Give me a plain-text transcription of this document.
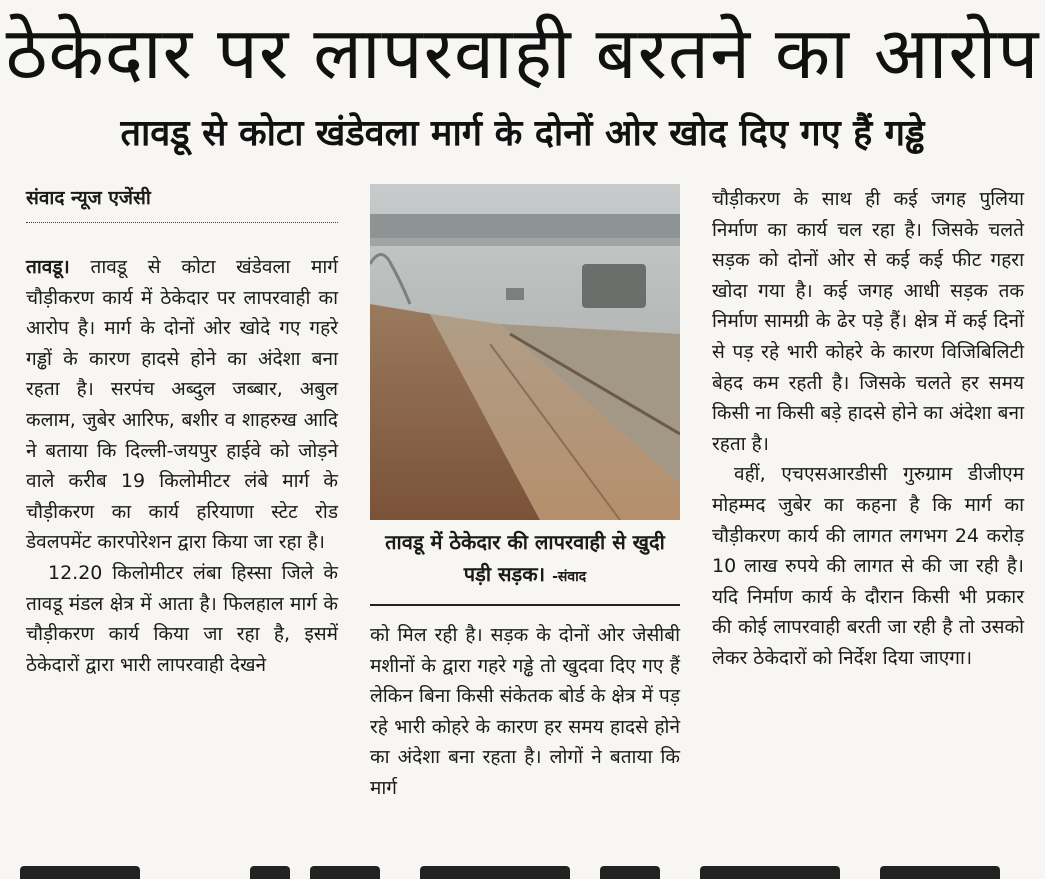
ठेकेदार पर लापरवाही बरतने का आरोप
तावडू से कोटा खंडेवला मार्ग के दोनों ओर खोद दिए गए हैं गड्ढे
संवाद न्यूज एजेंसी

तावडू। तावडू से कोटा खंडेवला मार्ग चौड़ीकरण कार्य में ठेकेदार पर लापरवाही का आरोप है। मार्ग के दोनों ओर खोदे गए गहरे गड्ढों के कारण हादसे होने का अंदेशा बना रहता है। सरपंच अब्दुल जब्बार, अबुल कलाम, जुबेर आरिफ, बशीर व शाहरुख आदि ने बताया कि दिल्ली-जयपुर हाईवे को जोड़ने वाले करीब 19 किलोमीटर लंबे मार्ग के चौड़ीकरण का कार्य हरियाणा स्टेट रोड डेवलपमेंट कारपोरेशन द्वारा किया जा रहा है।

12.20 किलोमीटर लंबा हिस्सा जिले के तावडू मंडल क्षेत्र में आता है। फिलहाल मार्ग के चौड़ीकरण कार्य किया जा रहा है, इसमें ठेकेदारों द्वारा भारी लापरवाही देखने

तावडू में ठेकेदार की लापरवाही से खुदी पड़ी सड़क। -संवाद

को मिल रही है। सड़क के दोनों ओर जेसीबी मशीनों के द्वारा गहरे गड्ढे तो खुदवा दिए गए हैं लेकिन बिना किसी संकेतक बोर्ड के क्षेत्र में पड़ रहे भारी कोहरे के कारण हर समय हादसे होने का अंदेशा बना रहता है। लोगों ने बताया कि मार्ग

चौड़ीकरण के साथ ही कई जगह पुलिया निर्माण का कार्य चल रहा है। जिसके चलते सड़क को दोनों ओर से कई कई फीट गहरा खोदा गया है। कई जगह आधी सड़क तक निर्माण सामग्री के ढेर पड़े हैं। क्षेत्र में कई दिनों से पड़ रहे भारी कोहरे के कारण विजिबिलिटी बेहद कम रहती है। जिसके चलते हर समय किसी ना किसी बड़े हादसे होने का अंदेशा बना रहता है।

वहीं, एचएसआरडीसी गुरुग्राम डीजीएम मोहम्मद जुबेर का कहना है कि मार्ग का चौड़ीकरण कार्य की लागत लगभग 24 करोड़ 10 लाख रुपये की लागत से की जा रही है। यदि निर्माण कार्य के दौरान किसी भी प्रकार की कोई लापरवाही बरती जा रही है तो उसको लेकर ठेकेदारों को निर्देश दिया जाएगा।
